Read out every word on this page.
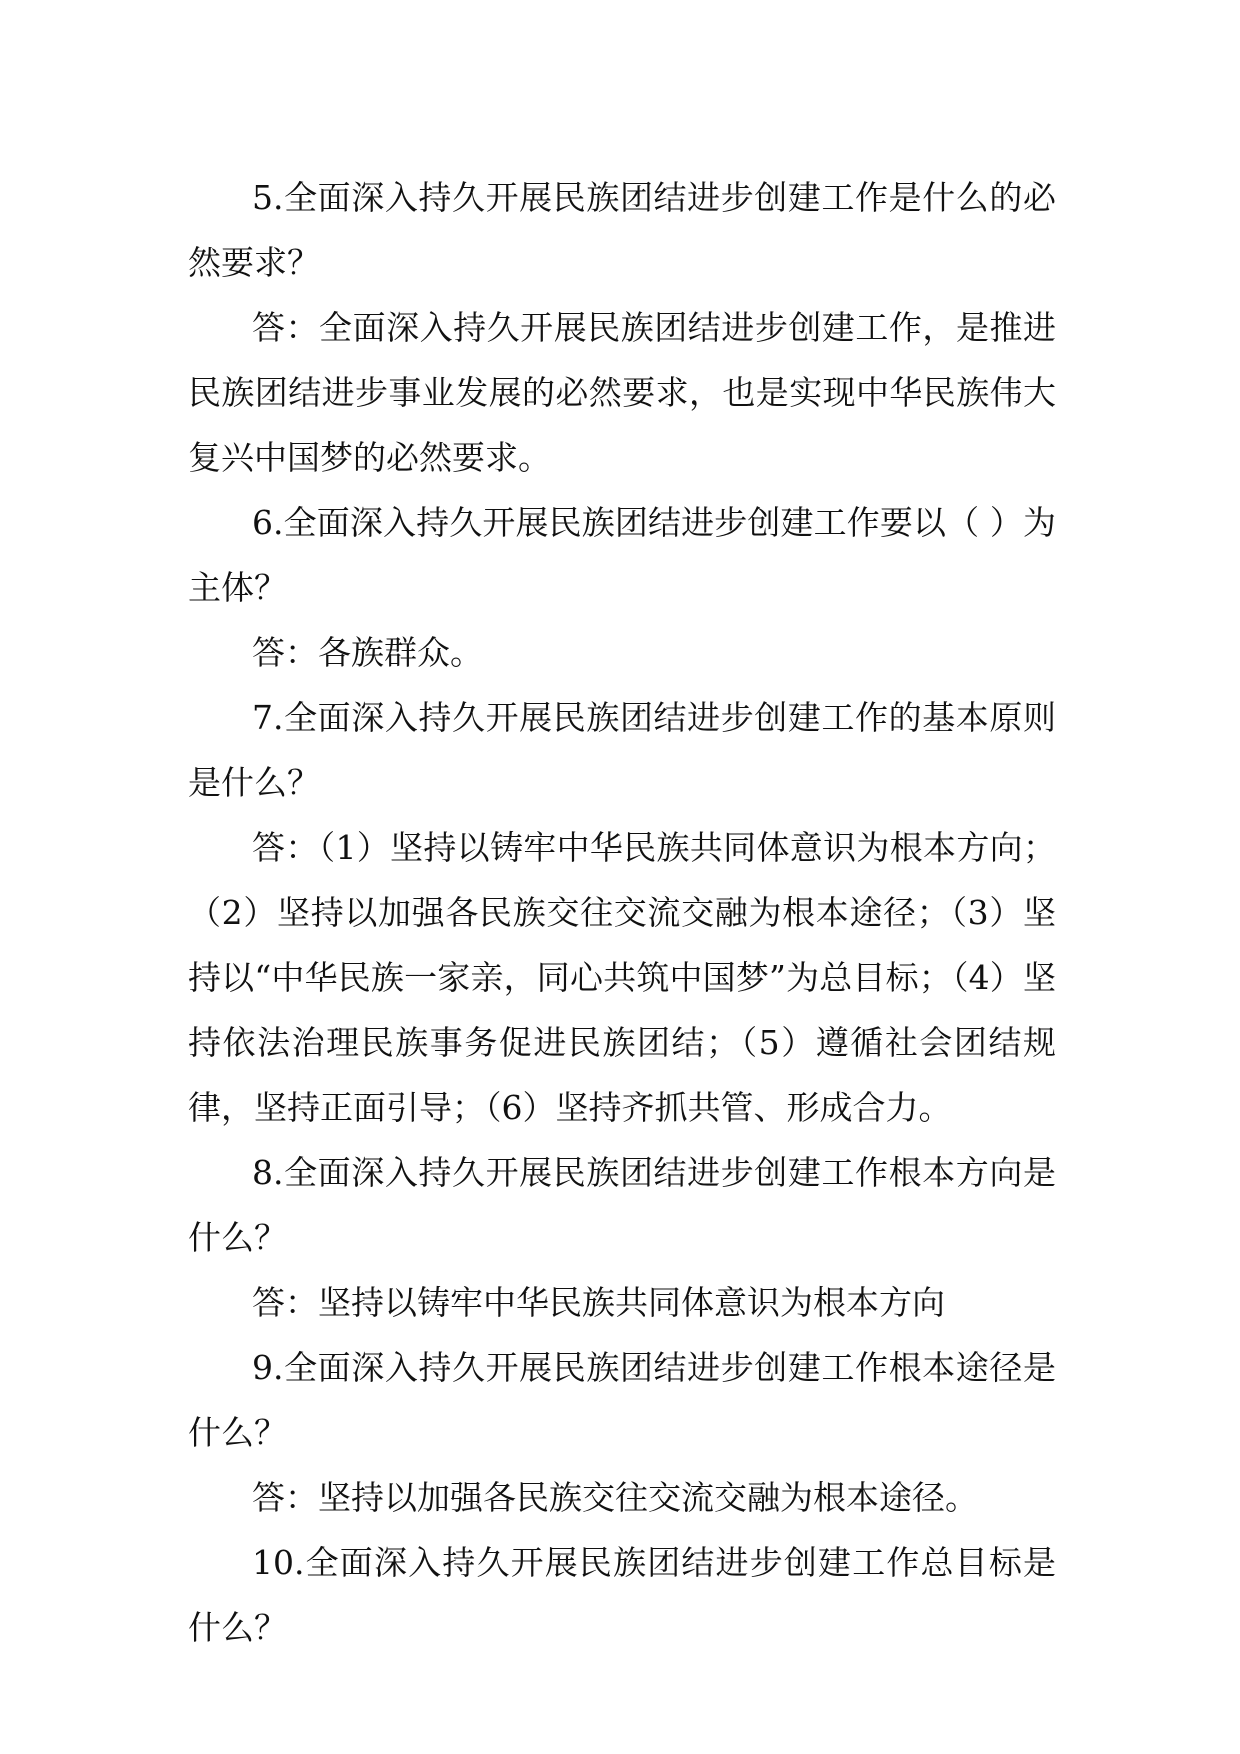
5.全面深入持久开展民族团结进步创建工作是什么的必然要求？

答：全面深入持久开展民族团结进步创建工作，是推进民族团结进步事业发展的必然要求，也是实现中华民族伟大复兴中国梦的必然要求。

6.全面深入持久开展民族团结进步创建工作要以（ ）为主体？

答：各族群众。

7.全面深入持久开展民族团结进步创建工作的基本原则是什么？

答：（1）坚持以铸牢中华民族共同体意识为根本方向；（2）坚持以加强各民族交往交流交融为根本途径；（3）坚持以“中华民族一家亲，同心共筑中国梦”为总目标；（4）坚持依法治理民族事务促进民族团结；（5）遵循社会团结规律，坚持正面引导；（6）坚持齐抓共管、形成合力。

8.全面深入持久开展民族团结进步创建工作根本方向是什么？

答：坚持以铸牢中华民族共同体意识为根本方向

9.全面深入持久开展民族团结进步创建工作根本途径是什么？

答：坚持以加强各民族交往交流交融为根本途径。

10.全面深入持久开展民族团结进步创建工作总目标是什么？
